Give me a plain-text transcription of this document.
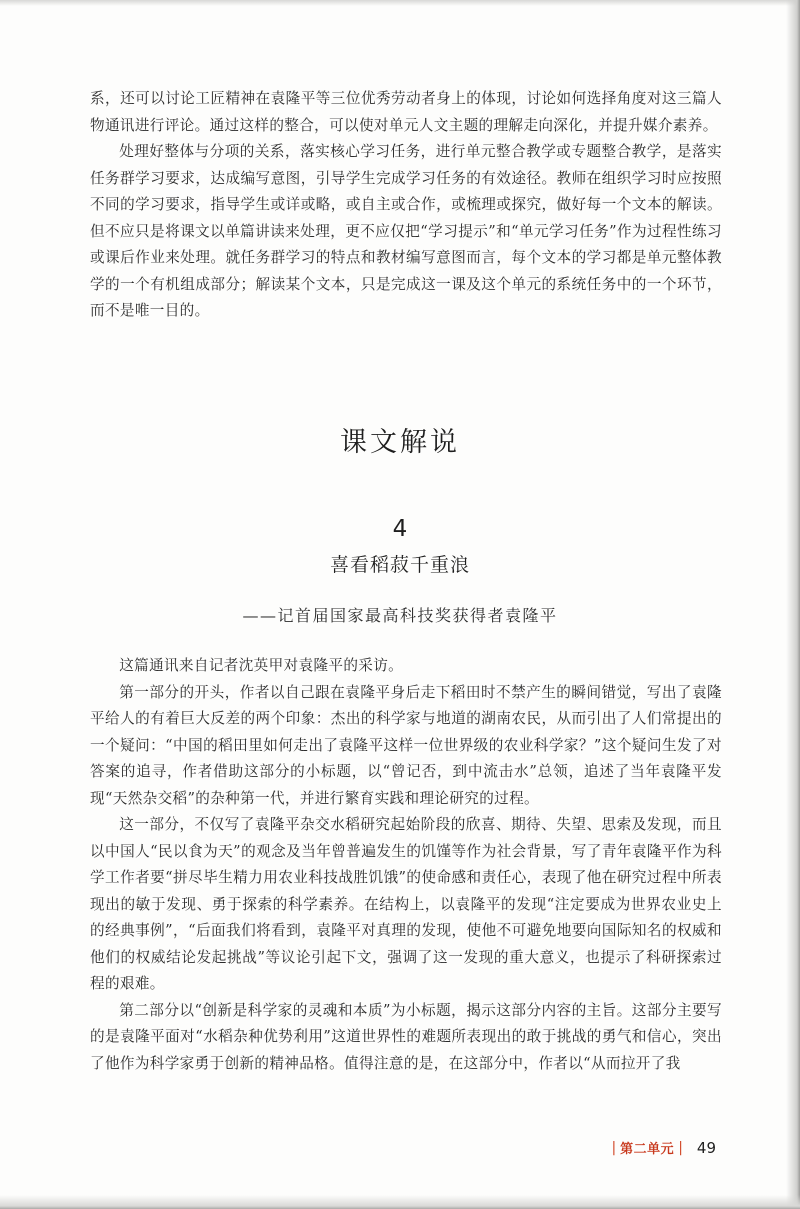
系，还可以讨论工匠精神在袁隆平等三位优秀劳动者身上的体现，讨论如何选择角度对这三篇人物通讯进行评论。通过这样的整合，可以使对单元人文主题的理解走向深化，并提升媒介素养。

处理好整体与分项的关系，落实核心学习任务，进行单元整合教学或专题整合教学，是落实任务群学习要求，达成编写意图，引导学生完成学习任务的有效途径。教师在组织学习时应按照不同的学习要求，指导学生或详或略，或自主或合作，或梳理或探究，做好每一个文本的解读。但不应只是将课文以单篇讲读来处理，更不应仅把“学习提示”和“单元学习任务”作为过程性练习或课后作业来处理。就任务群学习的特点和教材编写意图而言，每个文本的学习都是单元整体教学的一个有机组成部分；解读某个文本，只是完成这一课及这个单元的系统任务中的一个环节，而不是唯一目的。

课文解说
4
喜看稻菽千重浪
——记首届国家最高科技奖获得者袁隆平

这篇通讯来自记者沈英甲对袁隆平的采访。

第一部分的开头，作者以自己跟在袁隆平身后走下稻田时不禁产生的瞬间错觉，写出了袁隆平给人的有着巨大反差的两个印象：杰出的科学家与地道的湖南农民，从而引出了人们常提出的一个疑问：“中国的稻田里如何走出了袁隆平这样一位世界级的农业科学家？”这个疑问生发了对答案的追寻，作者借助这部分的小标题，以“曾记否，到中流击水”总领，追述了当年袁隆平发现“天然杂交稻”的杂种第一代，并进行繁育实践和理论研究的过程。

这一部分，不仅写了袁隆平杂交水稻研究起始阶段的欣喜、期待、失望、思索及发现，而且以中国人“民以食为天”的观念及当年曾普遍发生的饥馑等作为社会背景，写了青年袁隆平作为科学工作者要“拼尽毕生精力用农业科技战胜饥饿”的使命感和责任心，表现了他在研究过程中所表现出的敏于发现、勇于探索的科学素养。在结构上，以袁隆平的发现“注定要成为世界农业史上的经典事例”，“后面我们将看到，袁隆平对真理的发现，使他不可避免地要向国际知名的权威和他们的权威结论发起挑战”等议论引起下文，强调了这一发现的重大意义，也提示了科研探索过程的艰难。

第二部分以“创新是科学家的灵魂和本质”为小标题，揭示这部分内容的主旨。这部分主要写的是袁隆平面对“水稻杂种优势利用”这道世界性的难题所表现出的敢于挑战的勇气和信心，突出了他作为科学家勇于创新的精神品格。值得注意的是，在这部分中，作者以“从而拉开了我

| 第二单元 | 49
